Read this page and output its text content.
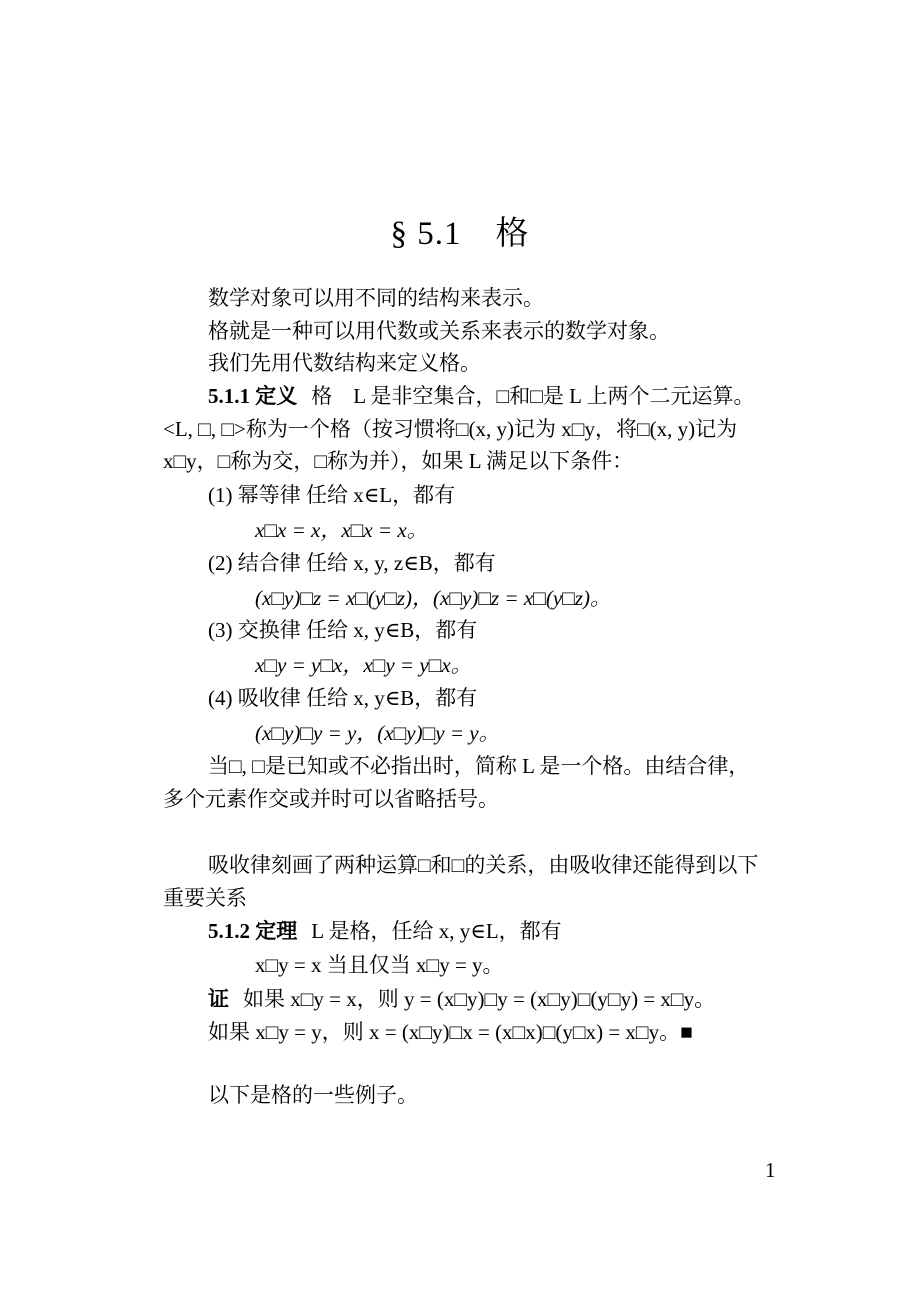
§ 5.1 格
数学对象可以用不同的结构来表示。
格就是一种可以用代数或关系来表示的数学对象。
我们先用代数结构来定义格。
5.1.1 定义 格　L 是非空集合，□和□是 L 上两个二元运算。
<L, □, □>称为一个格（按习惯将□(x, y)记为 x□y，将□(x, y)记为
x□y，□称为交，□称为并），如果 L 满足以下条件：
(1) 幂等律 任给 x∈L，都有
x□x = x，x□x = x。
(2) 结合律 任给 x, y, z∈B，都有
(x□y)□z = x□(y□z)，(x□y)□z = x□(y□z)。
(3) 交换律 任给 x, y∈B，都有
x□y = y□x，x□y = y□x。
(4) 吸收律 任给 x, y∈B，都有
(x□y)□y = y，(x□y)□y = y。
当□, □是已知或不必指出时，简称 L 是一个格。由结合律，
多个元素作交或并时可以省略括号。
吸收律刻画了两种运算□和□的关系，由吸收律还能得到以下
重要关系
5.1.2 定理 L 是格，任给 x, y∈L，都有
x□y = x 当且仅当 x□y = y。
证 如果 x□y = x，则 y = (x□y)□y = (x□y)□(y□y) = x□y。
如果 x□y = y，则 x = (x□y)□x = (x□x)□(y□x) = x□y。■
以下是格的一些例子。
1
